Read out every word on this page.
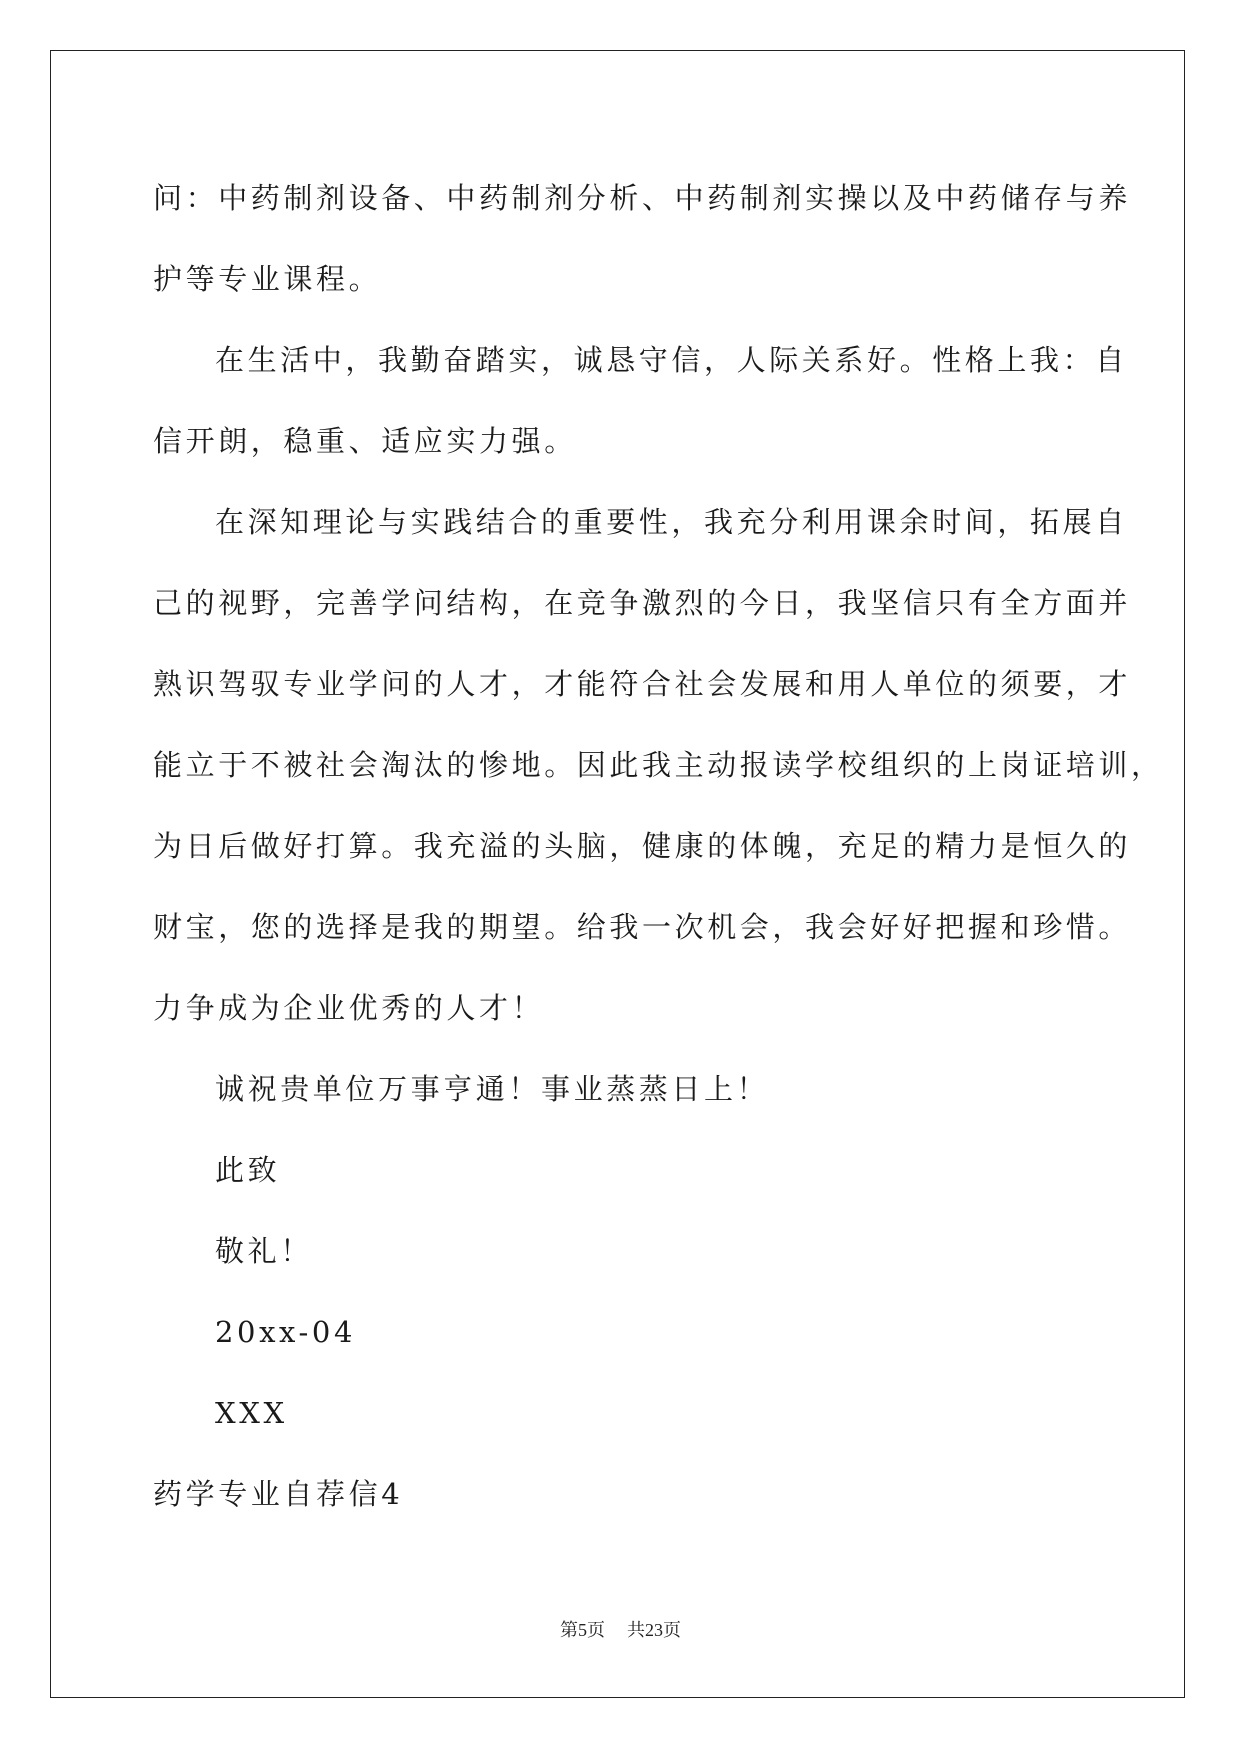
问：中药制剂设备、中药制剂分析、中药制剂实操以及中药储存与养
护等专业课程。
在生活中，我勤奋踏实，诚恳守信，人际关系好。性格上我：自
信开朗，稳重、适应实力强。
在深知理论与实践结合的重要性，我充分利用课余时间，拓展自
己的视野，完善学问结构，在竞争激烈的今日，我坚信只有全方面并
熟识驾驭专业学问的人才，才能符合社会发展和用人单位的须要，才
能立于不被社会淘汰的惨地。因此我主动报读学校组织的上岗证培训，
为日后做好打算。我充溢的头脑，健康的体魄，充足的精力是恒久的
财宝，您的选择是我的期望。给我一次机会，我会好好把握和珍惜。
力争成为企业优秀的人才！
诚祝贵单位万事亨通！事业蒸蒸日上！
此致
敬礼！
20xx-04
XXX
药学专业自荐信4
第5页 共23页
